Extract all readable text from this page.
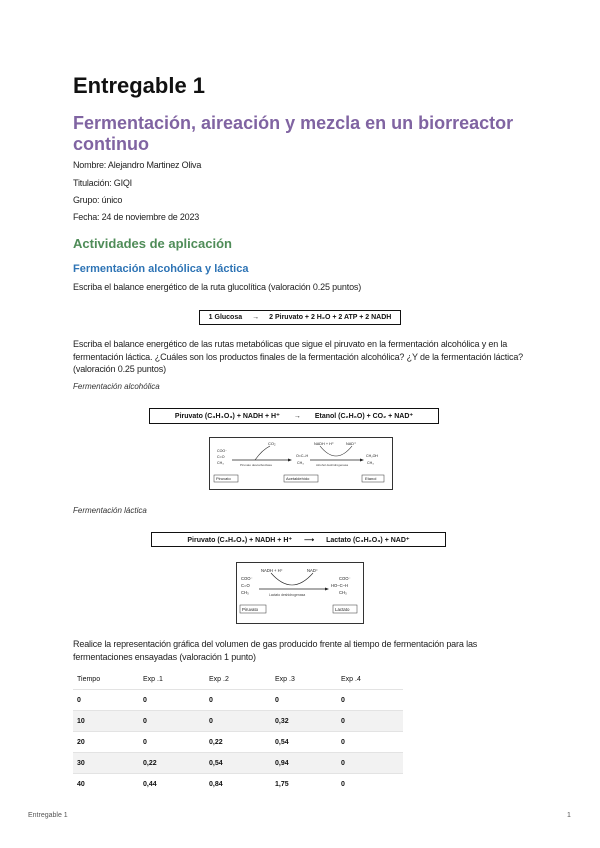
Entregable 1
Fermentación, aireación y mezcla en un biorreactor continuo
Nombre: Alejandro Martinez Oliva
Titulación: GIQI
Grupo: único
Fecha: 24 de noviembre de 2023
Actividades de aplicación
Fermentación alcohólica y láctica

Escriba el balance energético de la ruta glucolítica (valoración 0.25 puntos)

1 Glucosa → 2 Piruvato + 2 H₂O + 2 ATP + 2 NADH

Escriba el balance energético de las rutas metabólicas que sigue el piruvato en la fermentación alcohólica y en la fermentación láctica. ¿Cuáles son los productos finales de la fermentación alcohólica? ¿Y de la fermentación láctica? (valoración 0.25 puntos)

Fermentación alcohólica
Piruvato (C₃H₄O₃) + NADH + H⁺ → Etanol (C₂H₆O) + CO₂ + NAD⁺
COO⁻
C=O
CH₃
O=C–H
CH₃
CH₂OH
CH₃
CO₂	NADH + H⁺	NAD⁺
Piruvato descarboxilasa	Alcohol deshidrogenasa
Piruvato	Acetaldehído	Etanol
Fermentación láctica
Piruvato (C₃H₂O₃) + NADH + H⁺ ⟶ Lactato (C₃H₂O₃) + NAD⁺
COO⁻
C=O
CH₃
COO⁻
HO–C–H
CH₃
NADH + H⁺	NAD⁺
Lactato deshidrogenasa
Piruvato	Lactato

Realice la representación gráfica del volumen de gas producido frente al tiempo de fermentación para las fermentaciones ensayadas (valoración 1 punto)

Tiempo	Exp .1	Exp .2	Exp .3	Exp .4
0	0	0	0	0
10	0	0	0,32	0
20	0	0,22	0,54	0
30	0,22	0,54	0,94	0
40	0,44	0,84	1,75	0
Entregable 1	1
